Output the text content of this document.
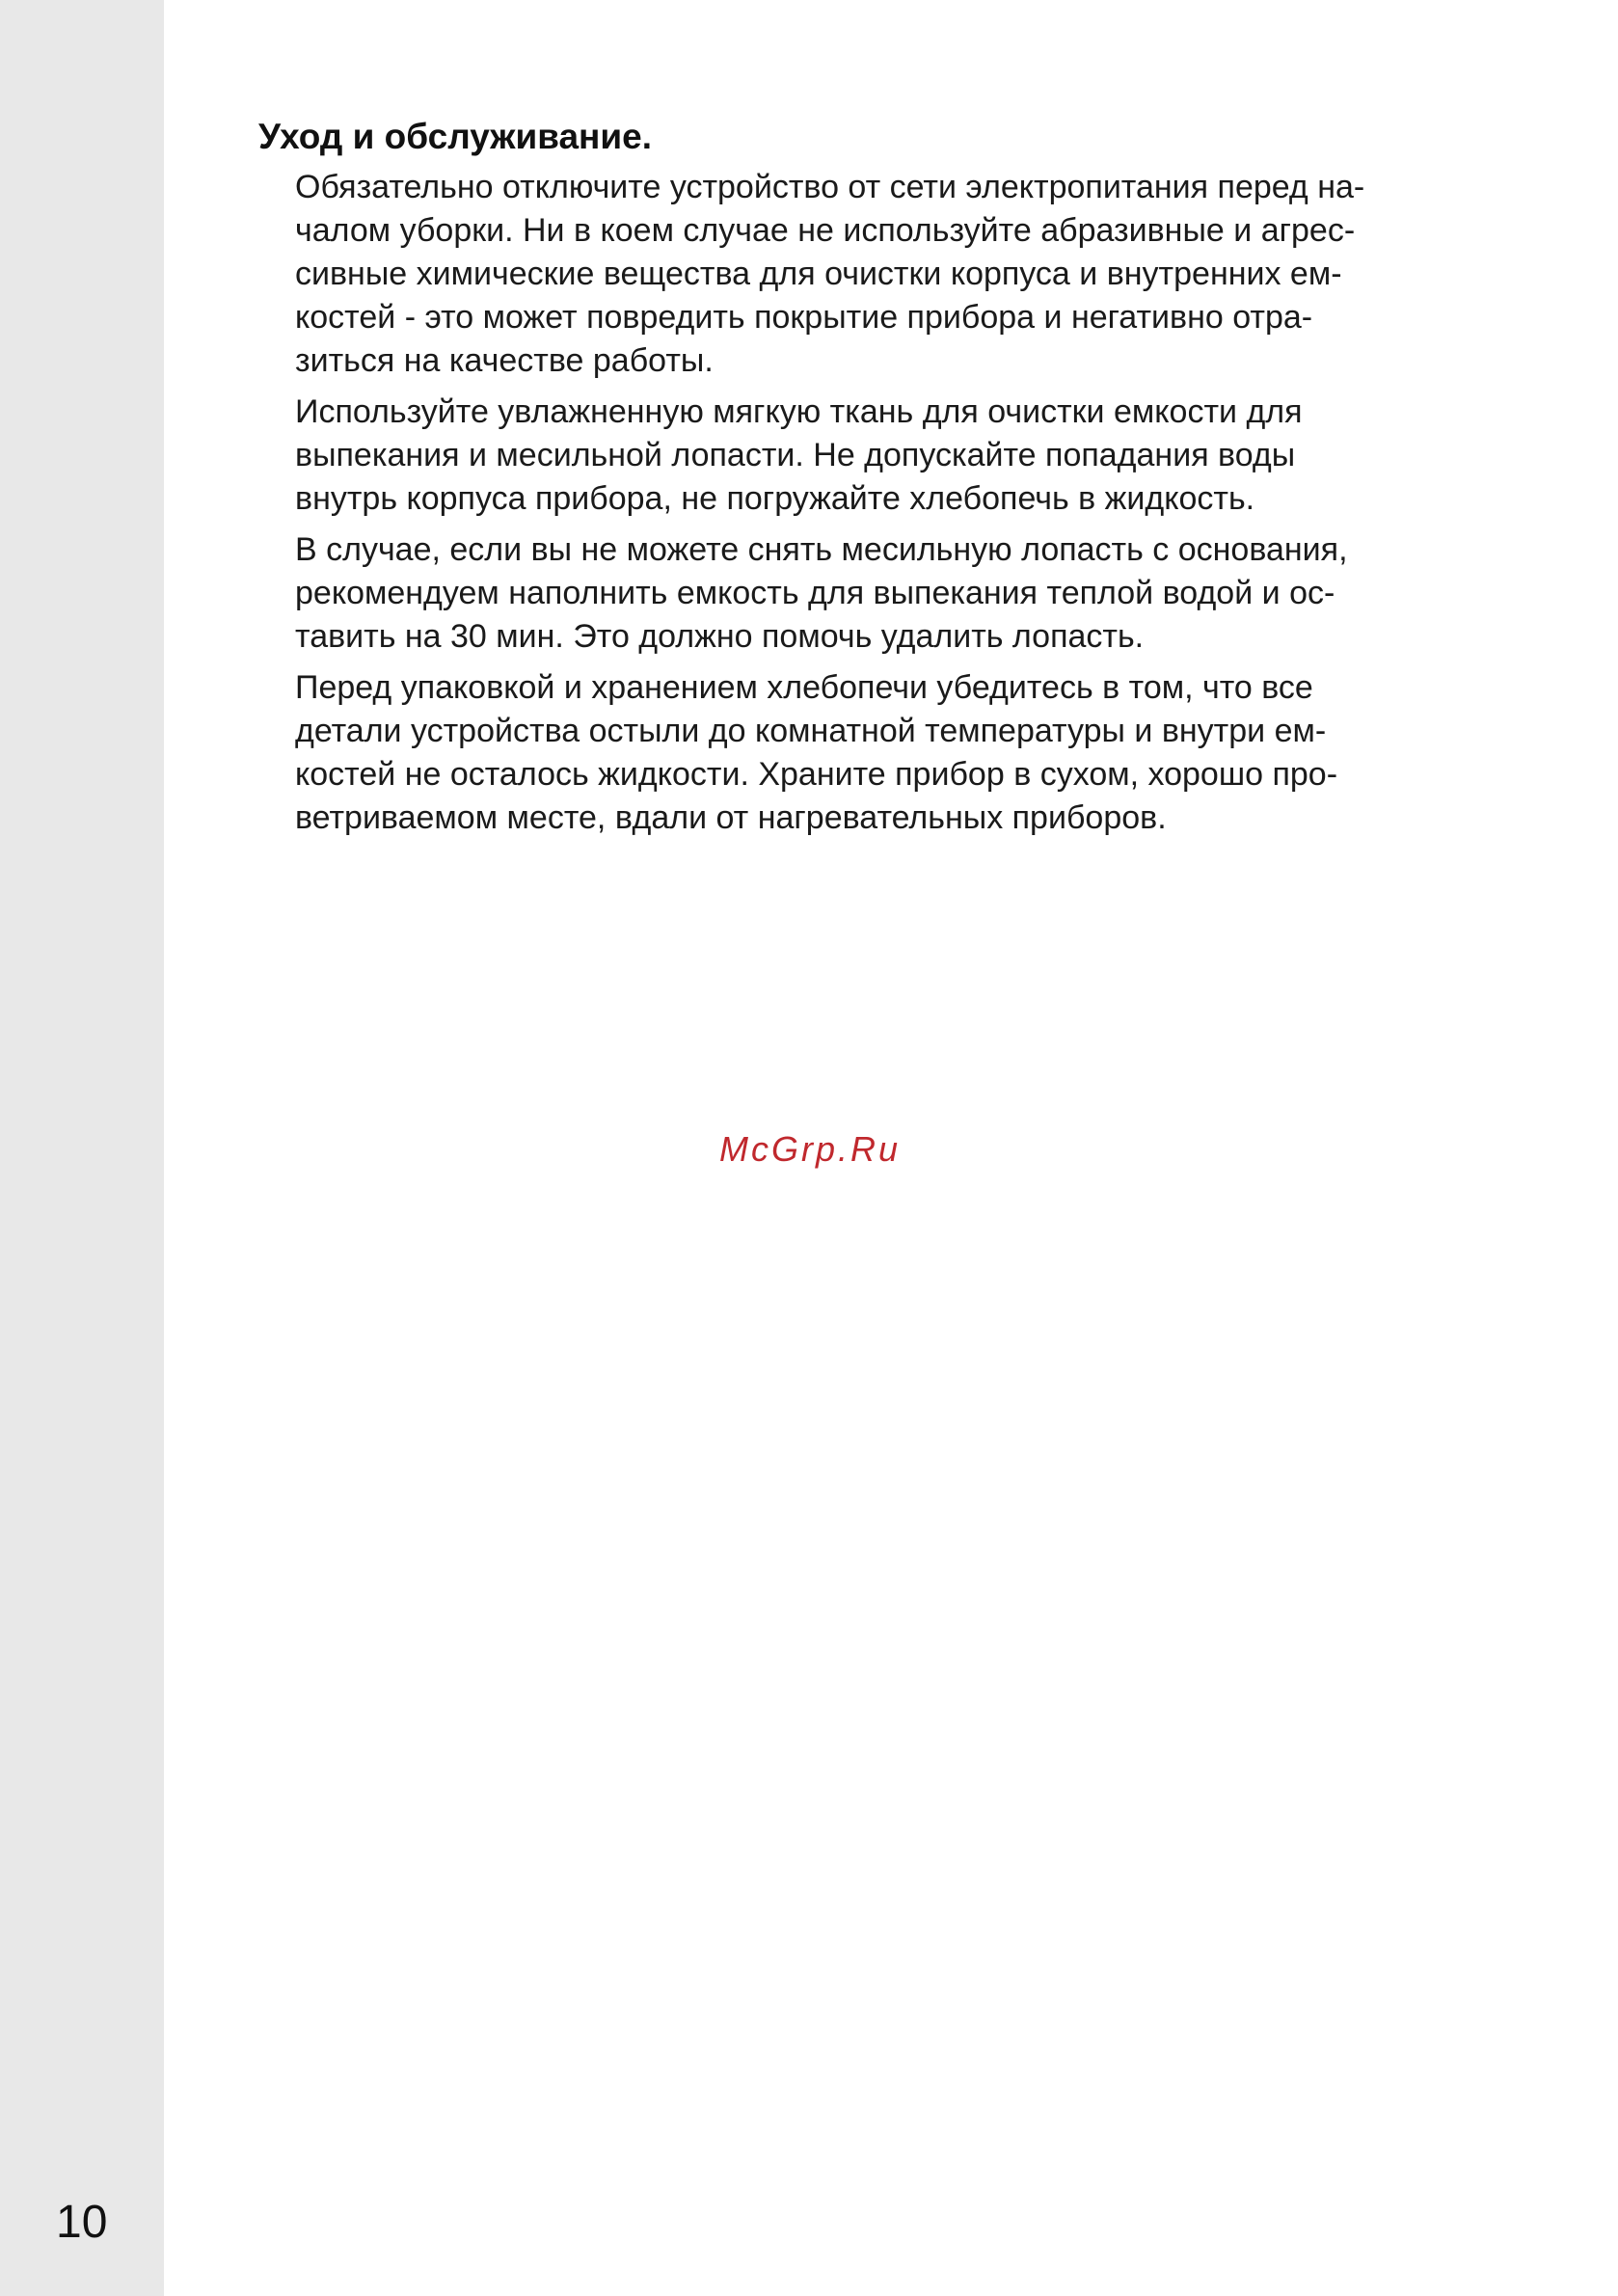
Уход и обслуживание.

Обязательно отключите устройство от сети электропитания перед на-
чалом уборки. Ни в коем случае не используйте абразивные и агрес-
сивные химические вещества для очистки корпуса и внутренних ем-
костей - это может повредить покрытие прибора и негативно отра-
зиться на качестве работы.

Используйте увлажненную мягкую ткань для очистки емкости для
выпекания и месильной лопасти. Не допускайте попадания воды
внутрь корпуса прибора, не погружайте хлебопечь в жидкость.

В случае, если вы не можете снять месильную лопасть с основания,
рекомендуем наполнить емкость для выпекания теплой водой и ос-
тавить на 30 мин. Это должно помочь удалить лопасть.

Перед упаковкой и хранением хлебопечи убедитесь в том, что все
детали устройства остыли до комнатной температуры и внутри ем-
костей не осталось жидкости. Храните прибор в сухом, хорошо про-
ветриваемом месте, вдали от нагревательных приборов.

McGrp.Ru
10
